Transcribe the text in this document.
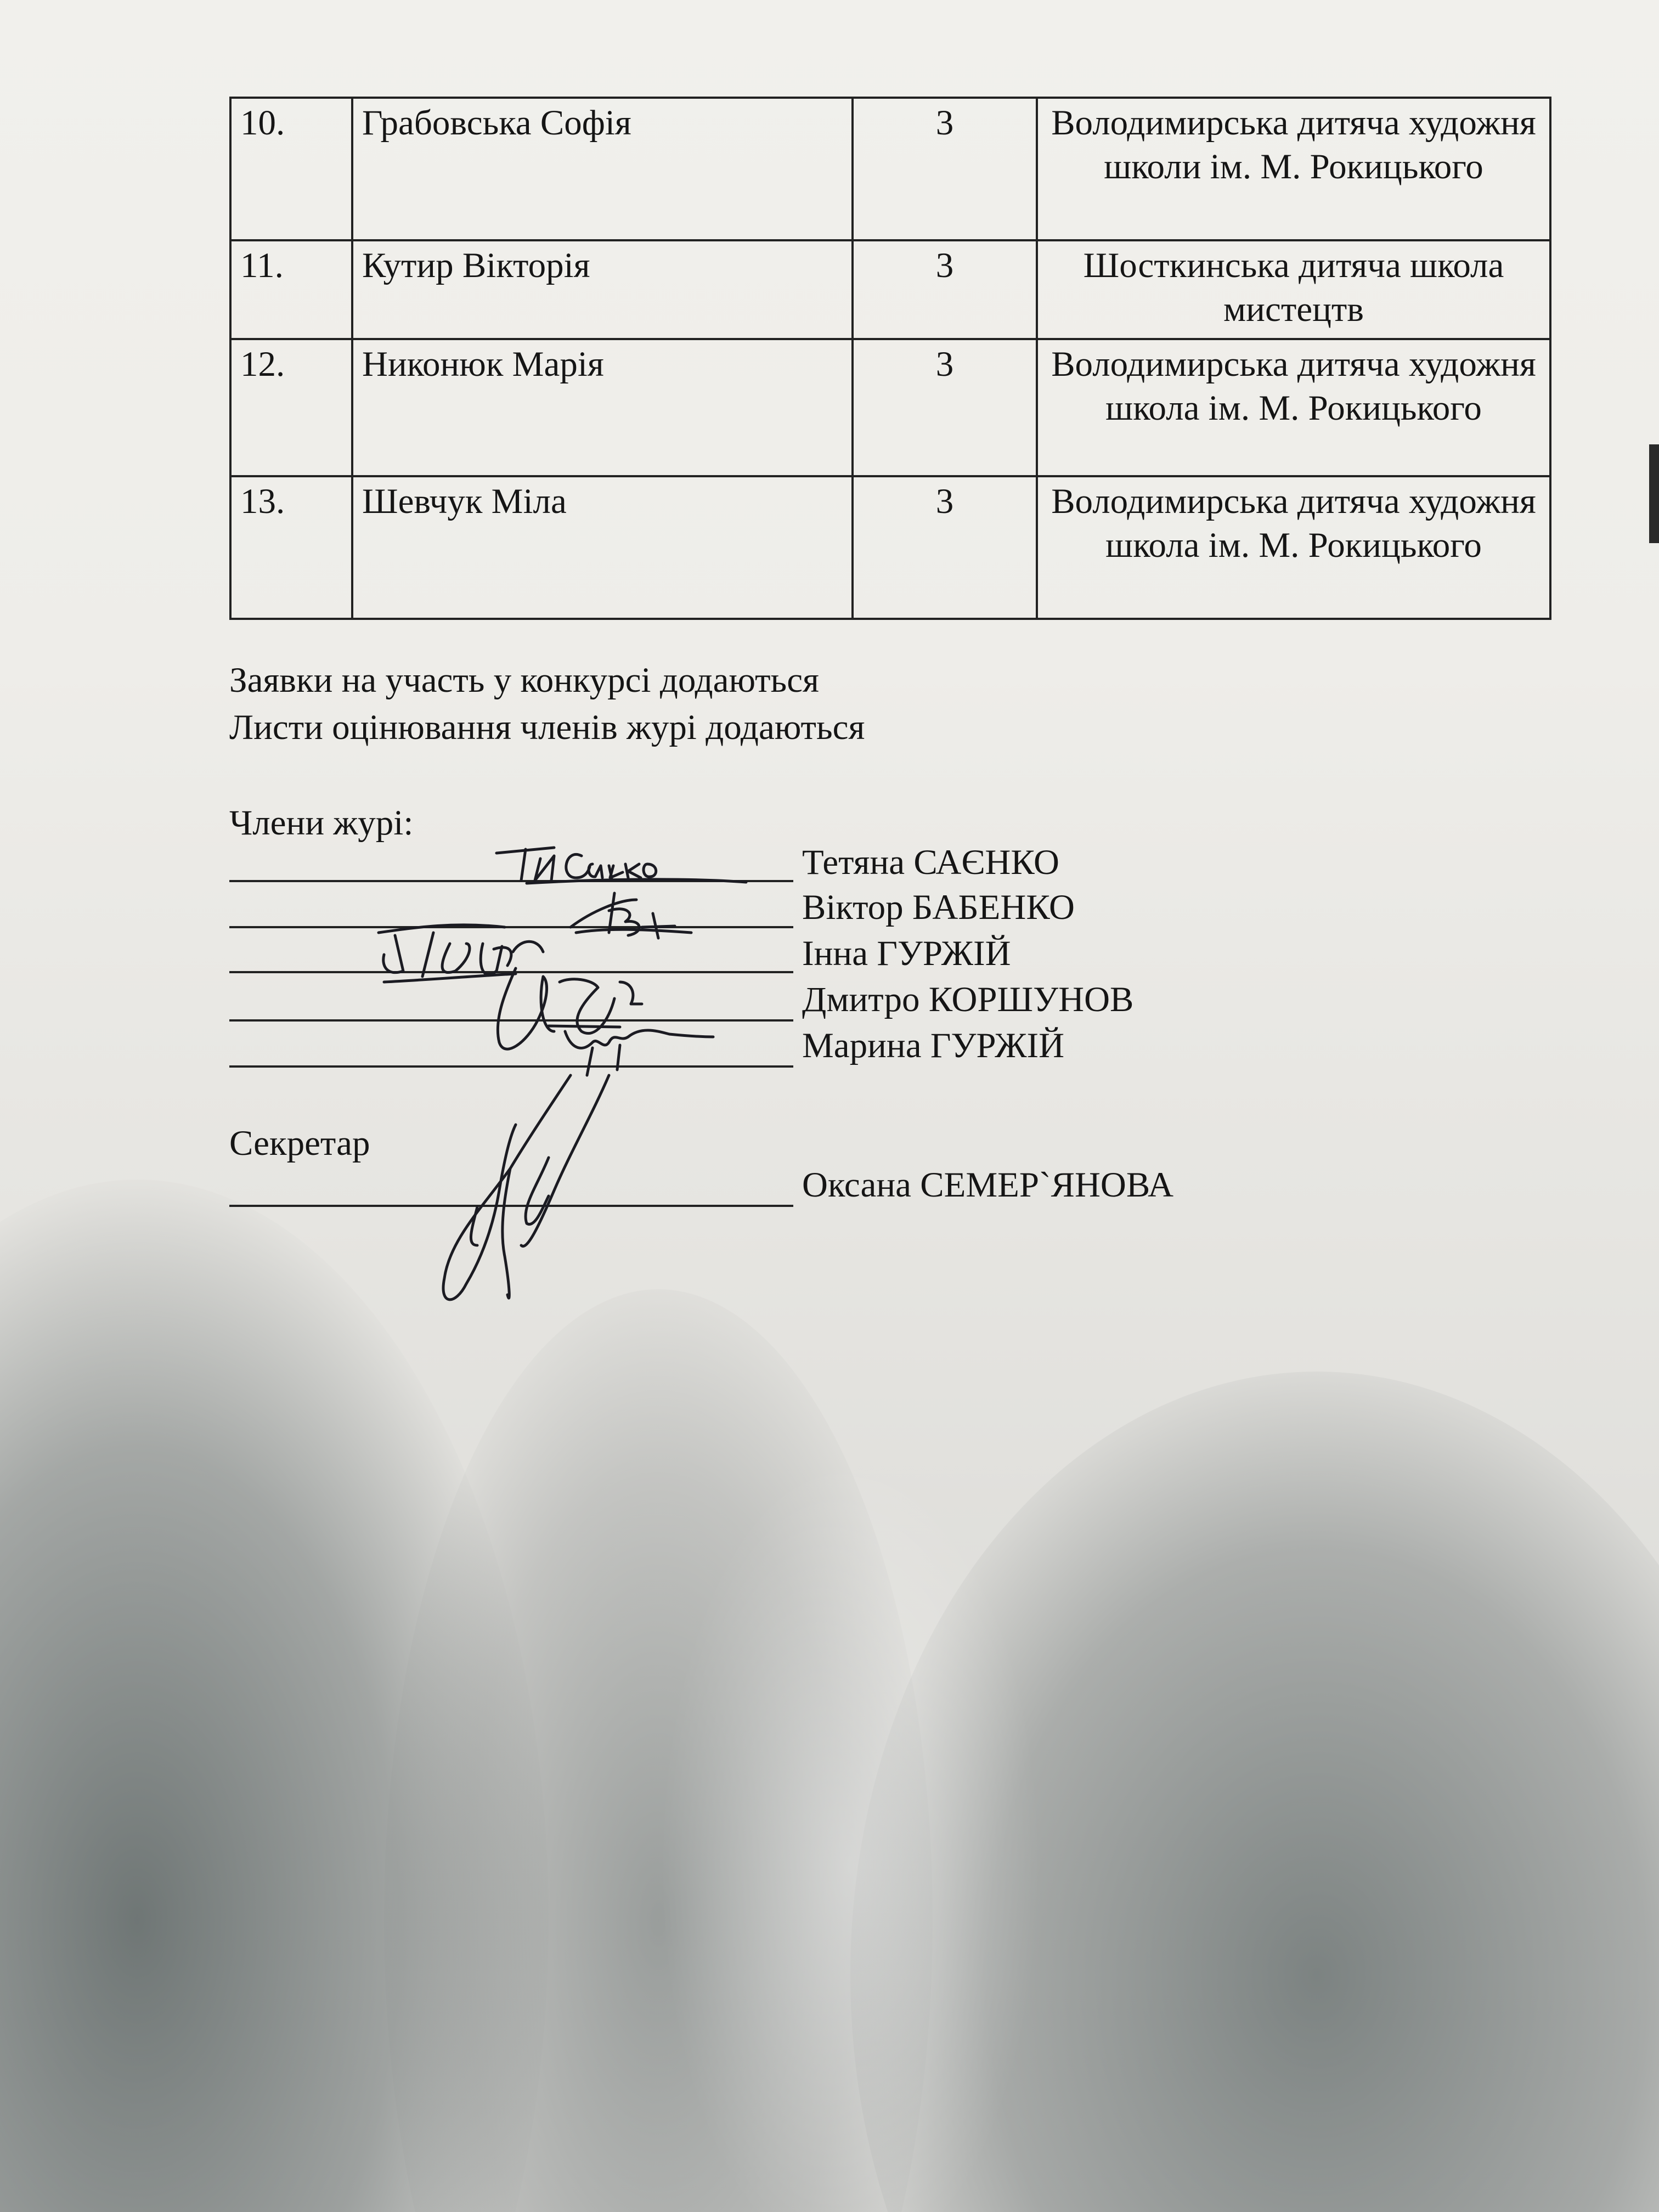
10.	Грабовська Софія	3	Володимирська дитяча художня школи ім. М. Рокицького
11.	Кутир Вікторія	3	Шосткинська дитяча школа мистецтв
12.	Никонюк Марія	3	Володимирська дитяча художня школа ім. М. Рокицького
13.	Шевчук Міла	3	Володимирська дитяча художня школа ім. М. Рокицького
Заявки на участь у конкурсі додаються
Листи оцінювання членів журі додаються
Члени журі:
Тетяна САЄНКО
Віктор БАБЕНКО
Інна ГУРЖІЙ
Дмитро КОРШУНОВ
Марина ГУРЖІЙ
Секретар
Оксана СЕМЕР`ЯНОВА
